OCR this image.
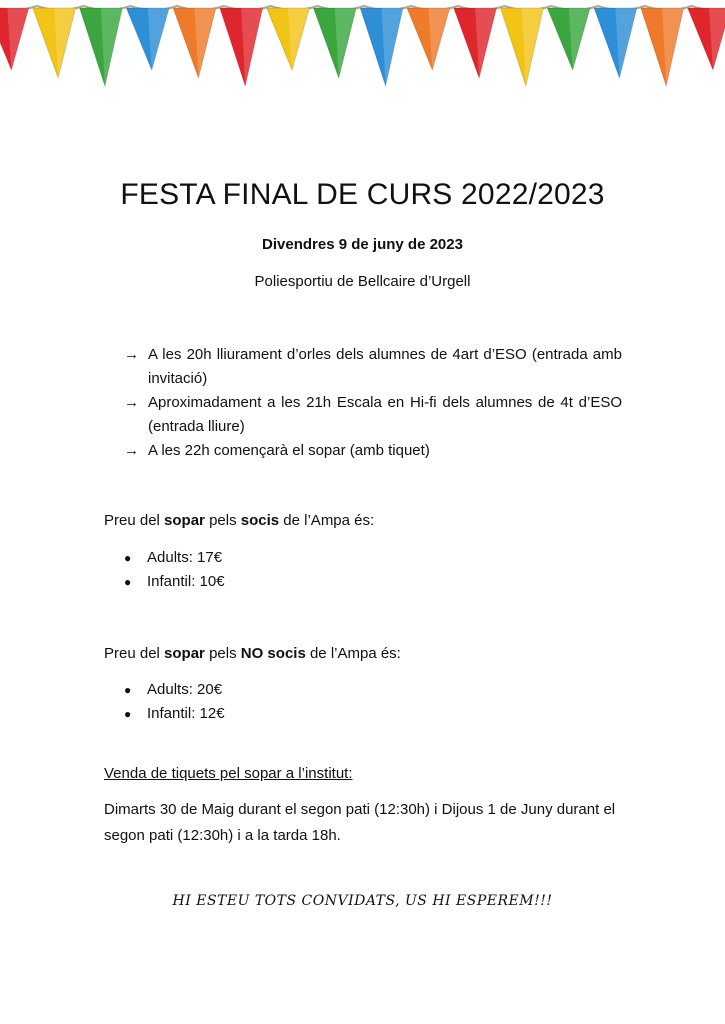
FESTA FINAL DE CURS 2022/2023
Divendres 9 de juny de 2023
Poliesportiu de Bellcaire d’Urgell
→ A les 20h lliurament d’orles dels alumnes de 4art d’ESO (entrada amb invitació)
→ Aproximadament a les 21h Escala en Hi-fi dels alumnes de 4t d’ESO (entrada lliure)
→ A les 22h començarà el sopar (amb tiquet)
Preu del sopar pels socis de l’Ampa és:
●	Adults: 17€
●	Infantil: 10€
Preu del sopar pels NO socis de l’Ampa és:
●	Adults: 20€
●	Infantil: 12€
Venda de tiquets pel sopar a l’institut:
Dimarts 30 de Maig durant el segon pati (12:30h) i Dijous 1 de Juny durant el segon pati (12:30h) i a la tarda 18h.
HI ESTEU TOTS CONVIDATS, US HI ESPEREM!!!
